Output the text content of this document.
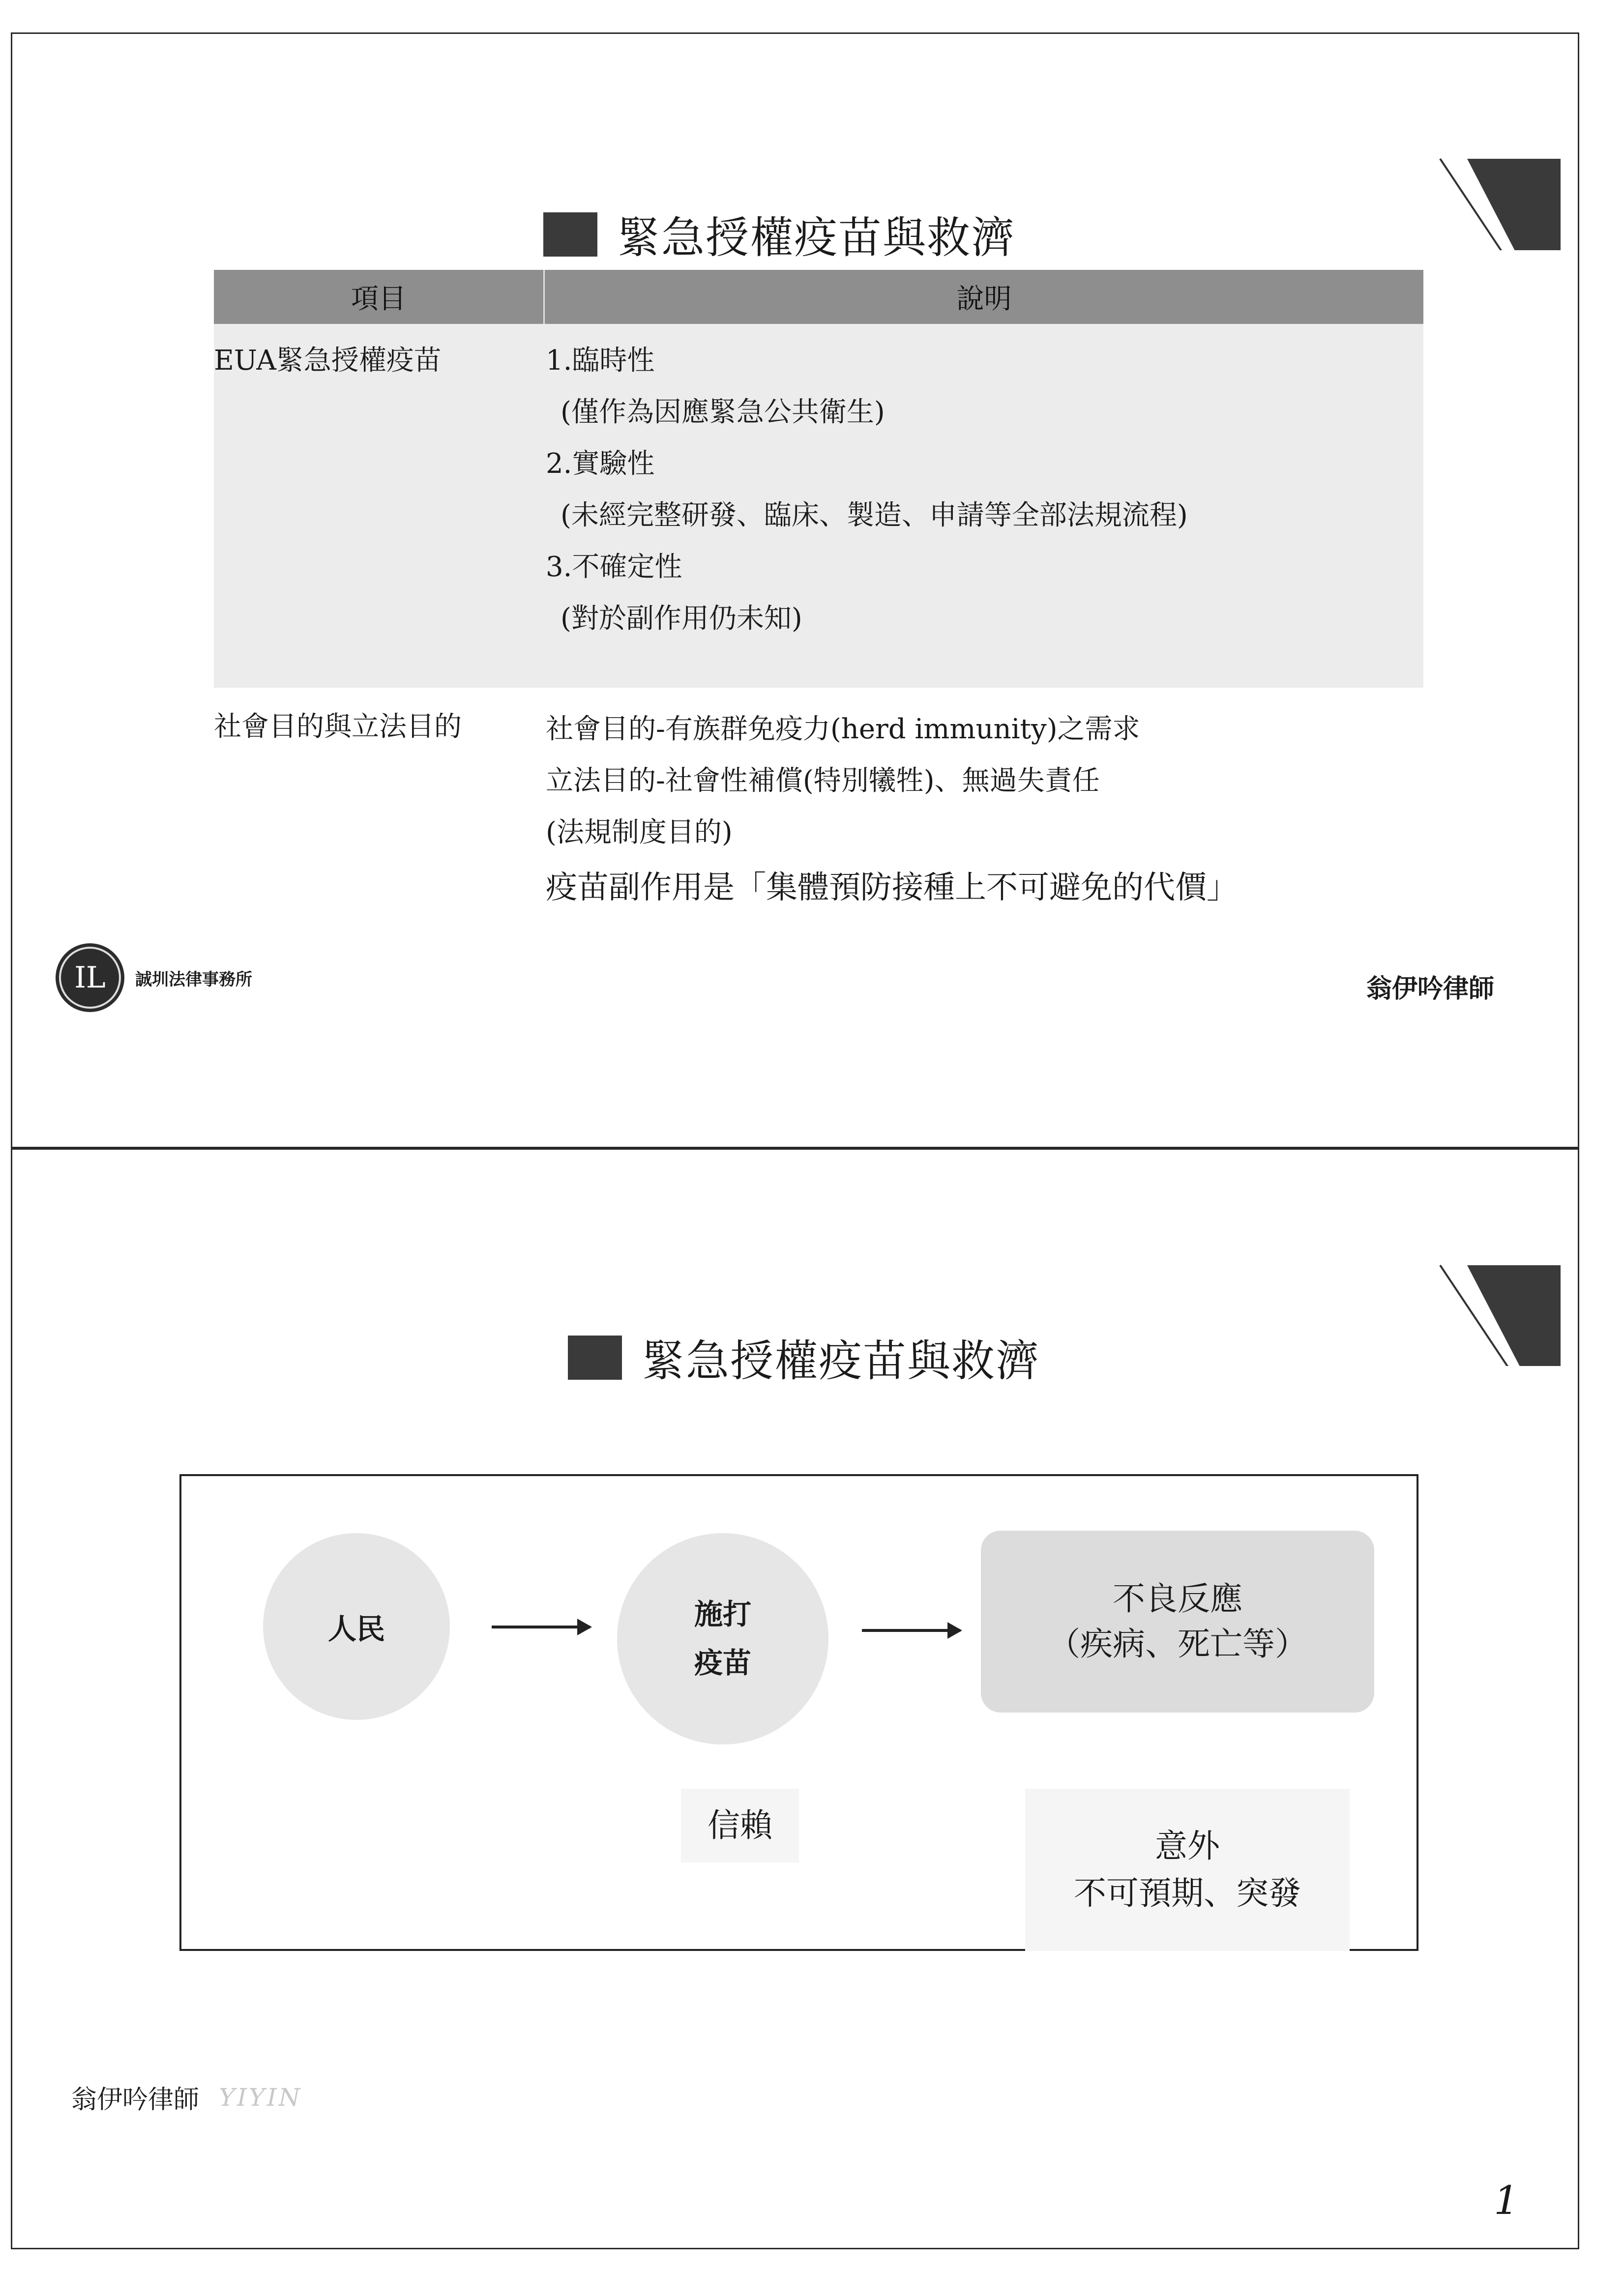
緊急授權疫苗與救濟
項目	說明
EUA緊急授權疫苗	1.臨時性
(僅作為因應緊急公共衛生)
2.實驗性
(未經完整研發、臨床、製造、申請等全部法規流程)
3.不確定性
(對於副作用仍未知)
社會目的與立法目的	社會目的-有族群免疫力(herd immunity)之需求
立法目的-社會性補償(特別犧牲)、無過失責任
(法規制度目的)
疫苗副作用是「集體預防接種上不可避免的代價」
IL	誠圳法律事務所	翁伊吟律師
緊急授權疫苗與救濟
人民	施打
疫苗
不良反應
（疾病、死亡等）
信賴
意外
不可預期、突發
翁伊吟律師 YIYIN
1
